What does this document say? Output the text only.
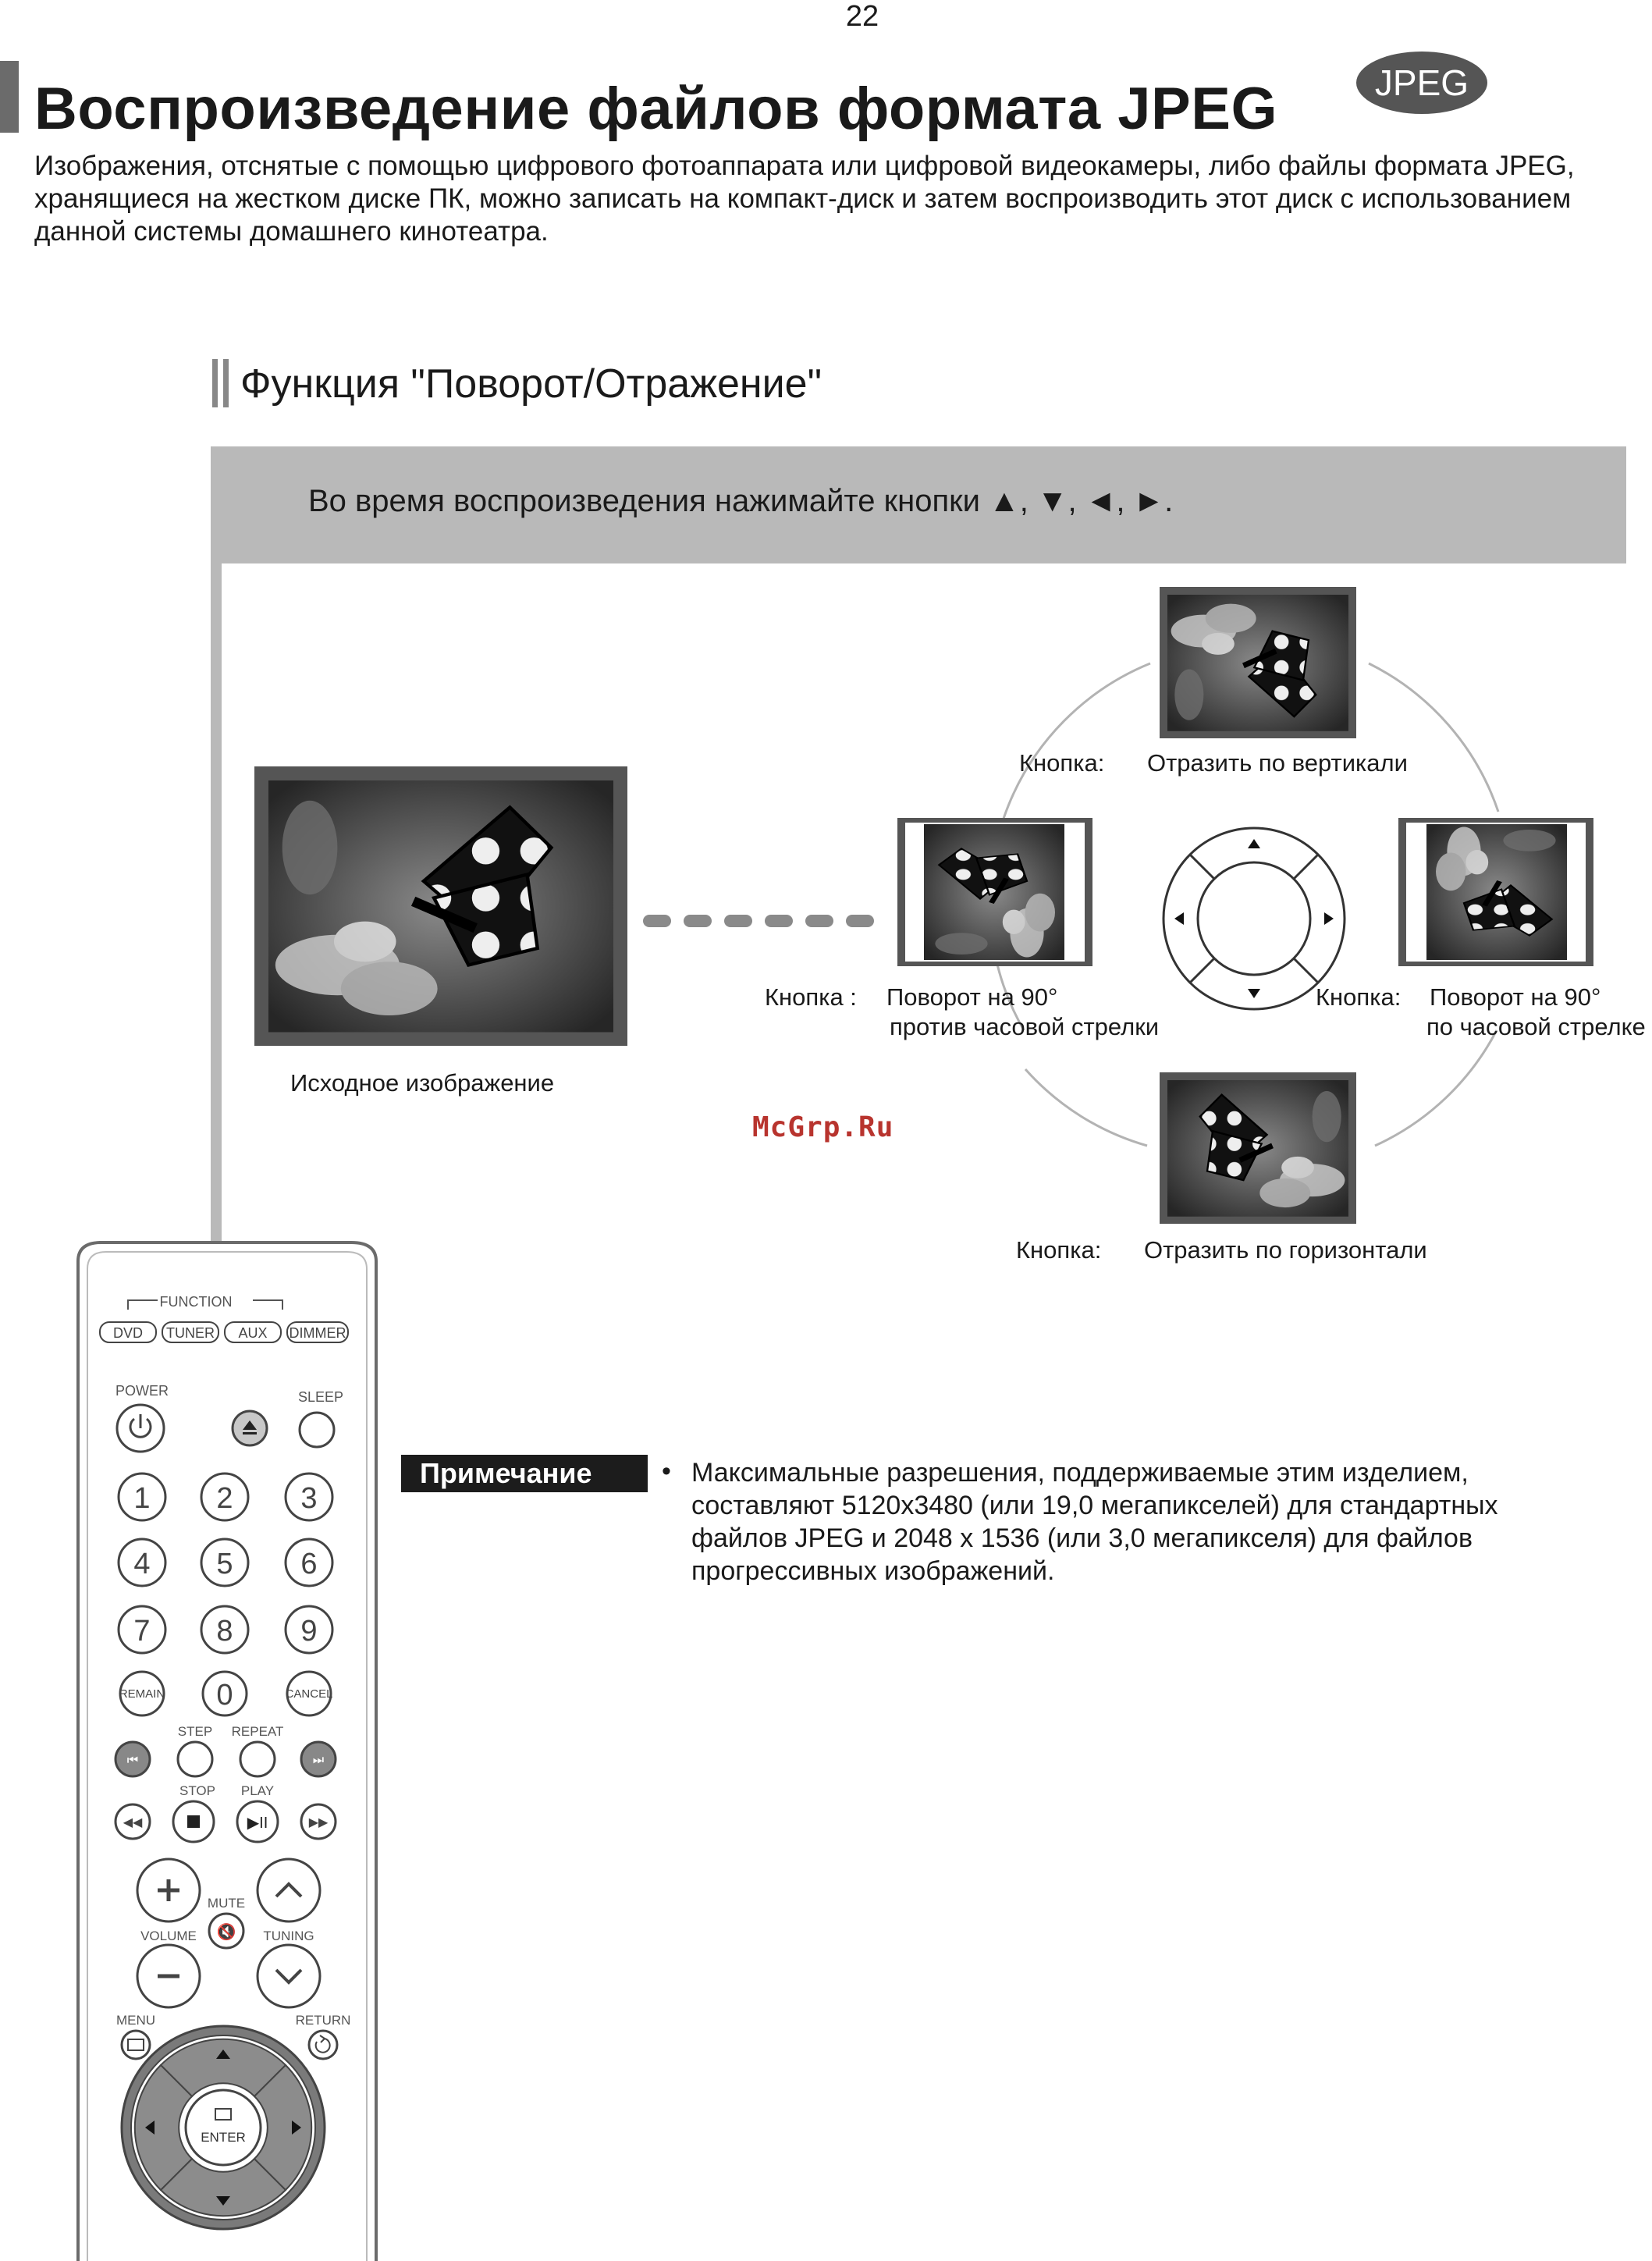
22
Воспроизведение файлов формата JPEG	JPEG
Изображения, отснятые с помощью цифрового фотоаппарата или цифровой видеокамеры, либо файлы формата JPEG, хранящиеся на жестком диске ПК, можно записать на компакт-диск и затем воспроизводить этот диск с использованием данной системы домашнего кинотеатра.
Функция "Поворот/Отражение"
Во время воспроизведения нажимайте кнопки ▲, ▼, ◄, ►.
Кнопка: Отразить по вертикали
Кнопка : Поворот на 90°
против часовой стрелки
Кнопка: Поворот на 90°
по часовой стрелке
Исходное изображение
McGrp.Ru
Кнопка: Отразить по горизонтали
Примечание	• Максимальные разрешения, поддерживаемые этим изделием, составляют 5120x3480 (или 19,0 мегапикселей) для стандартных файлов JPEG и 2048 x 1536 (или 3,0 мегапикселя) для файлов прогрессивных изображений.
FUNCTION
DVD TUNER AUX DIMMER
POWER	SLEEP
1 2 3
4 5 6
7 8 9
0
REMAIN	CANCEL
STEP REPEAT
STOP PLAY
⏮	⏭
◀◀	▶II	▶▶
MUTE
🔇
VOLUME	TUNING
MENU	RETURN
ENTER
